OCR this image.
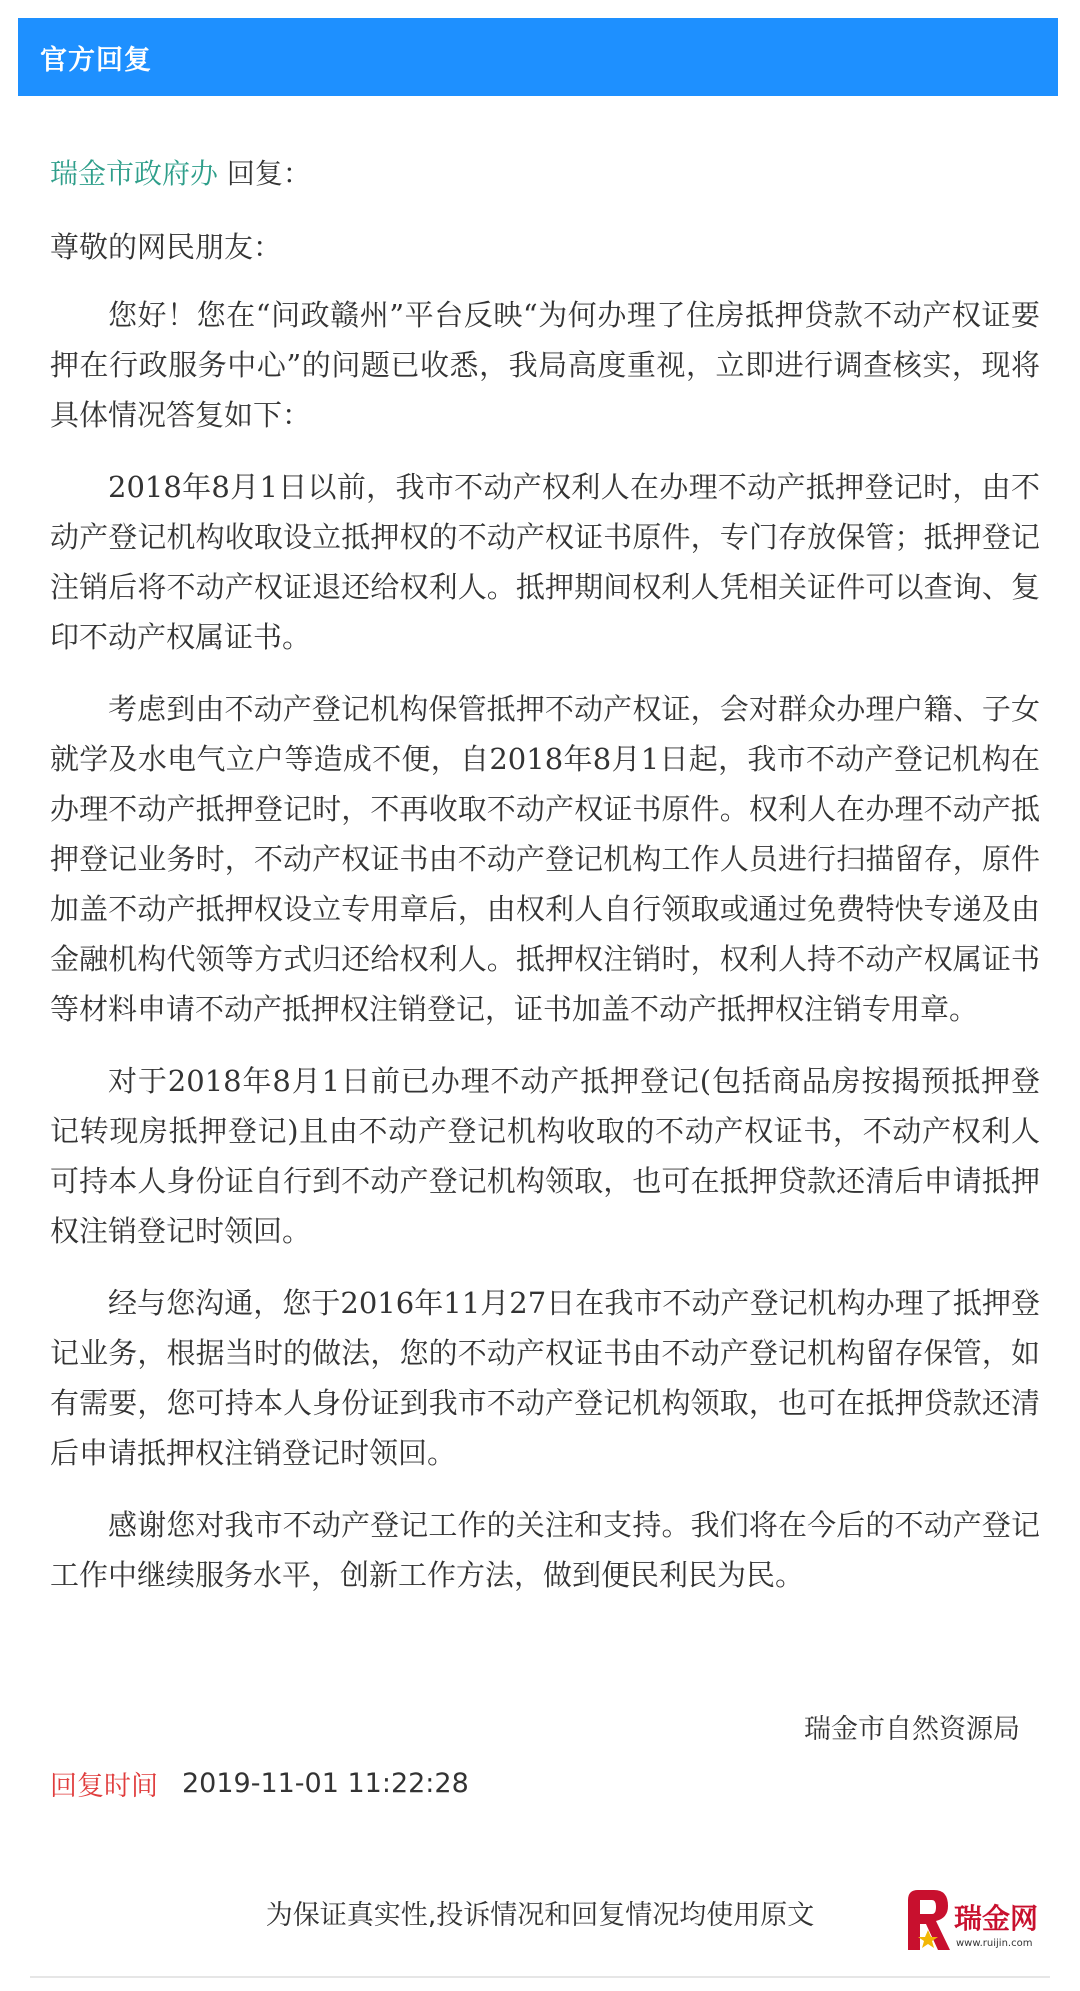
官方回复
瑞金市政府办 回复：

尊敬的网民朋友：

您好！您在“问政赣州”平台反映“为何办理了住房抵押贷款不动产权证要押在行政服务中心”的问题已收悉，我局高度重视，立即进行调查核实，现将具体情况答复如下：

2018年8月1日以前，我市不动产权利人在办理不动产抵押登记时，由不动产登记机构收取设立抵押权的不动产权证书原件，专门存放保管；抵押登记注销后将不动产权证退还给权利人。抵押期间权利人凭相关证件可以查询、复印不动产权属证书。

考虑到由不动产登记机构保管抵押不动产权证，会对群众办理户籍、子女就学及水电气立户等造成不便，自2018年8月1日起，我市不动产登记机构在办理不动产抵押登记时，不再收取不动产权证书原件。权利人在办理不动产抵押登记业务时，不动产权证书由不动产登记机构工作人员进行扫描留存，原件加盖不动产抵押权设立专用章后，由权利人自行领取或通过免费特快专递及由金融机构代领等方式归还给权利人。抵押权注销时，权利人持不动产权属证书等材料申请不动产抵押权注销登记，证书加盖不动产抵押权注销专用章。

对于2018年8月1日前已办理不动产抵押登记(包括商品房按揭预抵押登记转现房抵押登记)且由不动产登记机构收取的不动产权证书，不动产权利人可持本人身份证自行到不动产登记机构领取，也可在抵押贷款还清后申请抵押权注销登记时领回。

经与您沟通，您于2016年11月27日在我市不动产登记机构办理了抵押登记业务，根据当时的做法，您的不动产权证书由不动产登记机构留存保管，如有需要，您可持本人身份证到我市不动产登记机构领取，也可在抵押贷款还清后申请抵押权注销登记时领回。

感谢您对我市不动产登记工作的关注和支持。我们将在今后的不动产登记工作中继续服务水平，创新工作方法，做到便民利民为民。

瑞金市自然资源局
回复时间 2019-11-01 11:22:28
为保证真实性,投诉情况和回复情况均使用原文	瑞金网
www.ruijin.com
